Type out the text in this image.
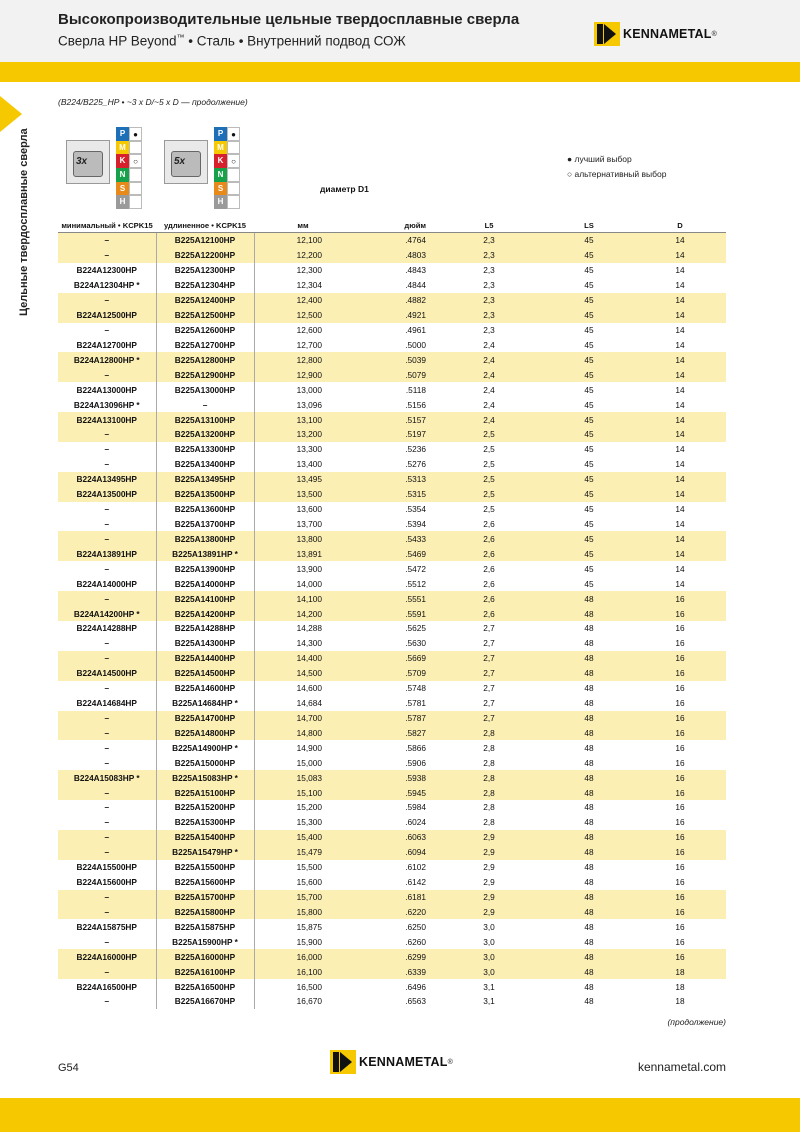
Высокопроизводительные цельные твердосплавные сверла
Сверла HP Beyond™ • Сталь • Внутренний подвод СОЖ	KENNAMETAL ®
Цельные твердосплавные сверла
(B224/B225_HP • ~3 x D/~5 x D — продолжение)
3x
P ●
M
K ○
N
S
H
5x
P ●
M
K ○
N
S
H
● лучший выбор
○ альтернативный выбор
диаметр D1
минимальный • KCPK15	удлиненное • KCPK15	мм	дюйм	L5	LS	D
–	B225A12100HP	12,100	.4764	2,3	45	14
–	B225A12200HP	12,200	.4803	2,3	45	14
B224A12300HP	B225A12300HP	12,300	.4843	2,3	45	14
B224A12304HP *	B225A12304HP	12,304	.4844	2,3	45	14
–	B225A12400HP	12,400	.4882	2,3	45	14
B224A12500HP	B225A12500HP	12,500	.4921	2,3	45	14
–	B225A12600HP	12,600	.4961	2,3	45	14
B224A12700HP	B225A12700HP	12,700	.5000	2,4	45	14
B224A12800HP *	B225A12800HP	12,800	.5039	2,4	45	14
–	B225A12900HP	12,900	.5079	2,4	45	14
B224A13000HP	B225A13000HP	13,000	.5118	2,4	45	14
B224A13096HP *	–	13,096	.5156	2,4	45	14
B224A13100HP	B225A13100HP	13,100	.5157	2,4	45	14
–	B225A13200HP	13,200	.5197	2,5	45	14
–	B225A13300HP	13,300	.5236	2,5	45	14
–	B225A13400HP	13,400	.5276	2,5	45	14
B224A13495HP	B225A13495HP	13,495	.5313	2,5	45	14
B224A13500HP	B225A13500HP	13,500	.5315	2,5	45	14
–	B225A13600HP	13,600	.5354	2,5	45	14
–	B225A13700HP	13,700	.5394	2,6	45	14
–	B225A13800HP	13,800	.5433	2,6	45	14
B224A13891HP	B225A13891HP *	13,891	.5469	2,6	45	14
–	B225A13900HP	13,900	.5472	2,6	45	14
B224A14000HP	B225A14000HP	14,000	.5512	2,6	45	14
–	B225A14100HP	14,100	.5551	2,6	48	16
B224A14200HP *	B225A14200HP	14,200	.5591	2,6	48	16
B224A14288HP	B225A14288HP	14,288	.5625	2,7	48	16
–	B225A14300HP	14,300	.5630	2,7	48	16
–	B225A14400HP	14,400	.5669	2,7	48	16
B224A14500HP	B225A14500HP	14,500	.5709	2,7	48	16
–	B225A14600HP	14,600	.5748	2,7	48	16
B224A14684HP	B225A14684HP *	14,684	.5781	2,7	48	16
–	B225A14700HP	14,700	.5787	2,7	48	16
–	B225A14800HP	14,800	.5827	2,8	48	16
–	B225A14900HP *	14,900	.5866	2,8	48	16
–	B225A15000HP	15,000	.5906	2,8	48	16
B224A15083HP *	B225A15083HP *	15,083	.5938	2,8	48	16
–	B225A15100HP	15,100	.5945	2,8	48	16
–	B225A15200HP	15,200	.5984	2,8	48	16
–	B225A15300HP	15,300	.6024	2,8	48	16
–	B225A15400HP	15,400	.6063	2,9	48	16
–	B225A15479HP *	15,479	.6094	2,9	48	16
B224A15500HP	B225A15500HP	15,500	.6102	2,9	48	16
B224A15600HP	B225A15600HP	15,600	.6142	2,9	48	16
–	B225A15700HP	15,700	.6181	2,9	48	16
–	B225A15800HP	15,800	.6220	2,9	48	16
B224A15875HP	B225A15875HP	15,875	.6250	3,0	48	16
–	B225A15900HP *	15,900	.6260	3,0	48	16
B224A16000HP	B225A16000HP	16,000	.6299	3,0	48	16
–	B225A16100HP	16,100	.6339	3,0	48	18
B224A16500HP	B225A16500HP	16,500	.6496	3,1	48	18
–	B225A16670HP	16,670	.6563	3,1	48	18
(продолжение)
G54	KENNAMETAL ®	kennametal.com
